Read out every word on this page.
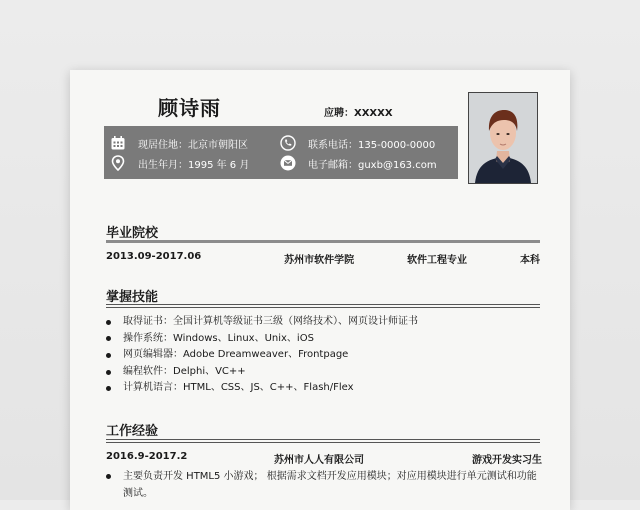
顾诗雨	应聘：XXXXX
现居住地：北京市朝阳区
出生年月：1995 年 6 月
联系电话：135-0000-0000
电子邮箱：guxb@163.com
毕业院校
2013.09-2017.06	苏州市软件学院	软件工程专业	本科
掌握技能
取得证书：全国计算机等级证书三级（网络技术）、网页设计师证书
操作系统：Windows、Linux、Unix、iOS
网页编辑器：Adobe Dreamweaver、Frontpage
编程软件：Delphi、VC++
计算机语言：HTML、CSS、JS、C++、Flash/Flex
工作经验
2016.9-2017.2	苏州市人人有限公司	游戏开发实习生
主要负责开发 HTML5 小游戏； 根据需求文档开发应用模块；对应用模块进行单元测试和功能测试。
